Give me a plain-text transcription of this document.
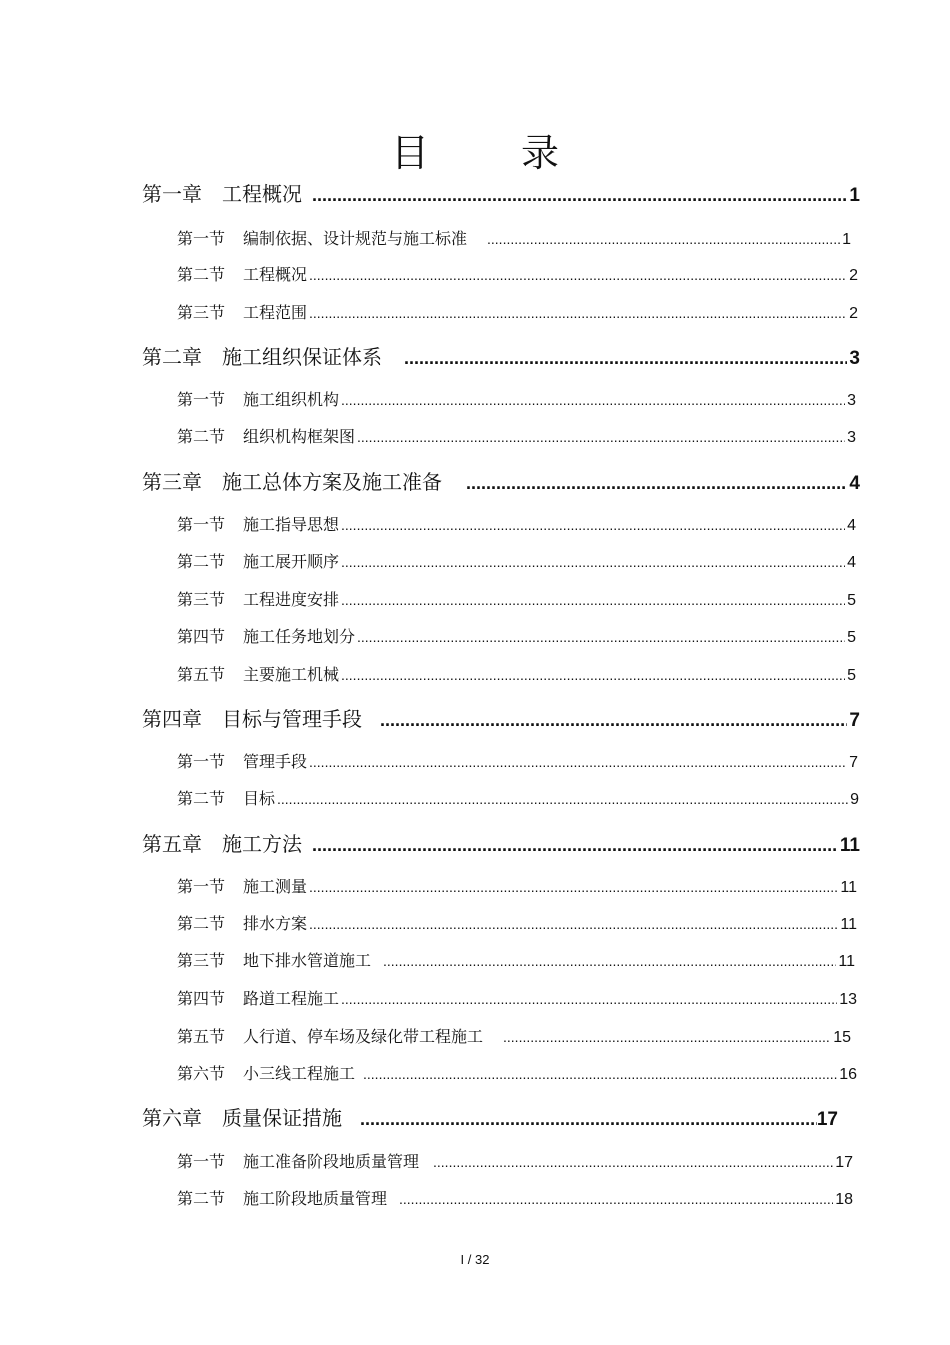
目 录
第一章	工程概况 .....	1
第一节	编制依据、设计规范与施工标准 .....	1
第二节	工程概况 .....	2
第三节	工程范围 .....	2
第二章	施工组织保证体系 .....	3
第一节	施工组织机构 .....	3
第二节	组织机构框架图 .....	3
第三章	施工总体方案及施工准备 .....	4
第一节	施工指导思想 .....	4
第二节	施工展开顺序 .....	4
第三节	工程进度安排 .....	5
第四节	施工任务地划分 .....	5
第五节	主要施工机械 .....	5
第四章	目标与管理手段 .....	7
第一节	管理手段 .....	7
第二节	目标 .....	9
第五章	施工方法 .....	11
第一节	施工测量 .....	11
第二节	排水方案 .....	11
第三节	地下排水管道施工 .....	11
第四节	路道工程施工 .....	13
第五节	人行道、停车场及绿化带工程施工 .....	15
第六节	小三线工程施工 .....	16
第六章	质量保证措施 .....	17
第一节	施工准备阶段地质量管理 .....	17
第二节	施工阶段地质量管理 .....	18
I / 32
